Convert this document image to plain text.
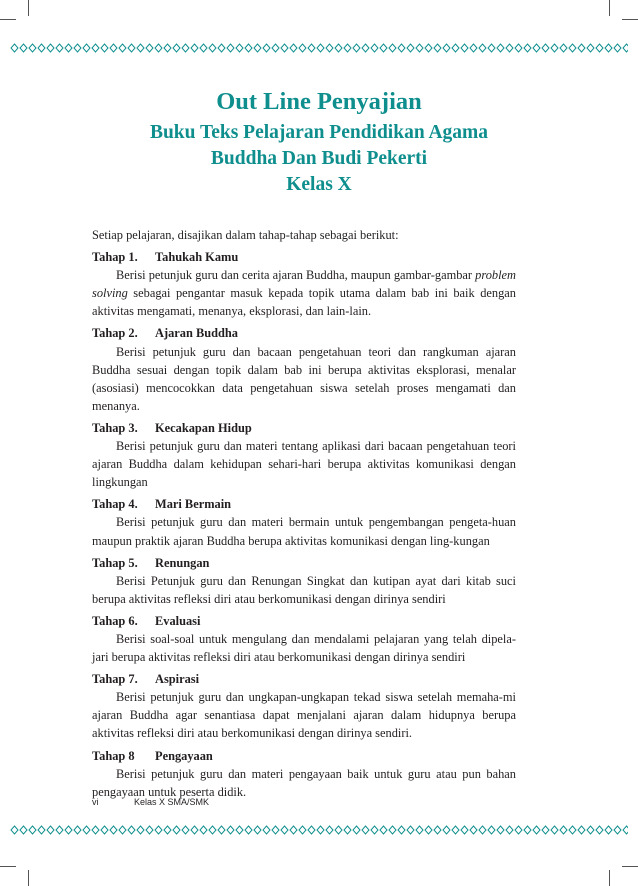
Out Line Penyajian
Buku Teks Pelajaran Pendidikan Agama
Buddha Dan Budi Pekerti
Kelas X

Setiap pelajaran, disajikan dalam tahap-tahap sebagai berikut:

Tahap 1.	Tahukah Kamu

Berisi petunjuk guru dan cerita ajaran Buddha, maupun gambar-gambar problem solving sebagai pengantar masuk kepada topik utama dalam bab ini baik dengan aktivitas mengamati, menanya, eksplorasi, dan lain-lain.

Tahap 2.	Ajaran Buddha

Berisi petunjuk guru dan bacaan pengetahuan teori dan rangkuman ajaran Buddha sesuai dengan topik dalam bab ini berupa aktivitas eksplorasi, menalar (asosiasi) mencocokkan data pengetahuan siswa setelah proses mengamati dan menanya.

Tahap 3.	Kecakapan Hidup

Berisi petunjuk guru dan materi tentang aplikasi dari bacaan pengetahuan teori ajaran Buddha dalam kehidupan sehari-hari berupa aktivitas komunikasi dengan lingkungan

Tahap 4.	Mari Bermain

Berisi petunjuk guru dan materi bermain untuk pengembangan pengeta-huan maupun praktik ajaran Buddha berupa aktivitas komunikasi dengan ling-kungan

Tahap 5.	Renungan

Berisi Petunjuk guru dan Renungan Singkat dan kutipan ayat dari kitab suci berupa aktivitas refleksi diri atau berkomunikasi dengan dirinya sendiri

Tahap 6.	Evaluasi

Berisi soal-soal untuk mengulang dan mendalami pelajaran yang telah dipela-jari berupa aktivitas refleksi diri atau berkomunikasi dengan dirinya sendiri

Tahap 7.	Aspirasi

Berisi petunjuk guru dan ungkapan-ungkapan tekad siswa setelah memaha-mi ajaran Buddha agar senantiasa dapat menjalani ajaran dalam hidupnya berupa aktivitas refleksi diri atau berkomunikasi dengan dirinya sendiri.

Tahap 8	Pengayaan

Berisi petunjuk guru dan materi pengayaan baik untuk guru atau pun bahan pengayaan untuk peserta didik.

vi	Kelas X SMA/SMK
